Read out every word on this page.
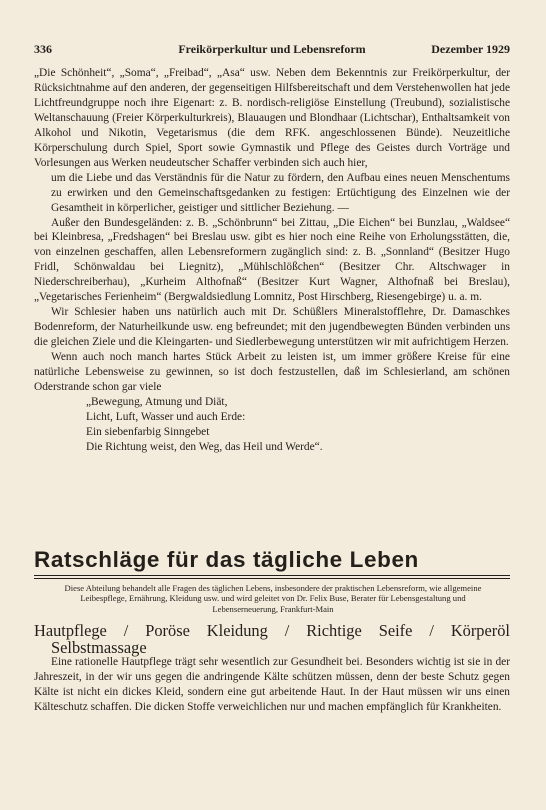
336	Freikörperkultur und Lebensreform	Dezember 1929

„Die Schönheit“, „Soma“, „Freibad“, „Asa“ usw. Neben dem Bekenntnis zur Freikörperkultur, der Rücksichtnahme auf den anderen, der gegenseitigen Hilfsbereitschaft und dem Verstehenwollen hat jede Lichtfreundgruppe noch ihre Eigenart: z. B. nordisch-religiöse Einstellung (Treubund), sozialistische Weltanschauung (Freier Körperkulturkreis), Blauaugen und Blondhaar (Lichtschar), Enthaltsamkeit von Alkohol und Nikotin, Vegetarismus (die dem RFK. angeschlossenen Bünde). Neuzeitliche Körperschulung durch Spiel, Sport sowie Gymnastik und Pflege des Geistes durch Vorträge und Vorlesungen aus Werken neudeutscher Schaffer verbinden sich auch hier,

um die Liebe und das Verständnis für die Natur zu fördern, den Aufbau eines neuen Menschentums zu erwirken und den Gemeinschaftsgedanken zu festigen: Ertüchtigung des Einzelnen wie der Gesamtheit in körperlicher, geistiger und sittlicher Beziehung. —

Außer den Bundesgeländen: z. B. „Schönbrunn“ bei Zittau, „Die Eichen“ bei Bunzlau, „Waldsee“ bei Kleinbresa, „Fredshagen“ bei Breslau usw. gibt es hier noch eine Reihe von Erholungsstätten, die, von einzelnen geschaffen, allen Lebensreformern zugänglich sind: z. B. „Sonnland“ (Besitzer Hugo Fridl, Schönwaldau bei Liegnitz), „Mühlschlößchen“ (Besitzer Chr. Altschwager in Niederschreiberhau), „Kurheim Althofnaß“ (Besitzer Kurt Wagner, Althofnaß bei Breslau), „Vegetarisches Ferienheim“ (Bergwaldsiedlung Lomnitz, Post Hirschberg, Riesengebirge) u. a. m.

Wir Schlesier haben uns natürlich auch mit Dr. Schüßlers Mineralstofflehre, Dr. Damaschkes Bodenreform, der Naturheilkunde usw. eng befreundet; mit den jugendbewegten Bünden verbinden uns die gleichen Ziele und die Kleingarten- und Siedlerbewegung unterstützen wir mit aufrichtigem Herzen.

Wenn auch noch manch hartes Stück Arbeit zu leisten ist, um immer größere Kreise für eine natürliche Lebensweise zu gewinnen, so ist doch festzustellen, daß im Schlesierland, am schönen Oderstrande schon gar viele

„Bewegung, Atmung und Diät,
Licht, Luft, Wasser und auch Erde:
Ein siebenfarbig Sinngebet
Die Richtung weist, den Weg, das Heil und Werde“.
Ratschläge für das tägliche Leben
Diese Abteilung behandelt alle Fragen des täglichen Lebens, insbesondere der praktischen Lebensreform, wie allgemeine Leibespflege, Ernährung, Kleidung usw. und wird geleitet von Dr. Felix Buse, Berater für Lebensgestaltung und Lebenserneuerung, Frankfurt-Main
Hautpflege / Poröse Kleidung / Richtige Seife / Körperöl
Selbstmassage

Eine rationelle Hautpflege trägt sehr wesentlich zur Gesundheit bei. Besonders wichtig ist sie in der Jahreszeit, in der wir uns gegen die andringende Kälte schützen müssen, denn der beste Schutz gegen Kälte ist nicht ein dickes Kleid, sondern eine gut arbeitende Haut. In der Haut müssen wir uns einen Kälteschutz schaffen. Die dicken Stoffe verweichlichen nur und machen empfänglich für Krankheiten.
